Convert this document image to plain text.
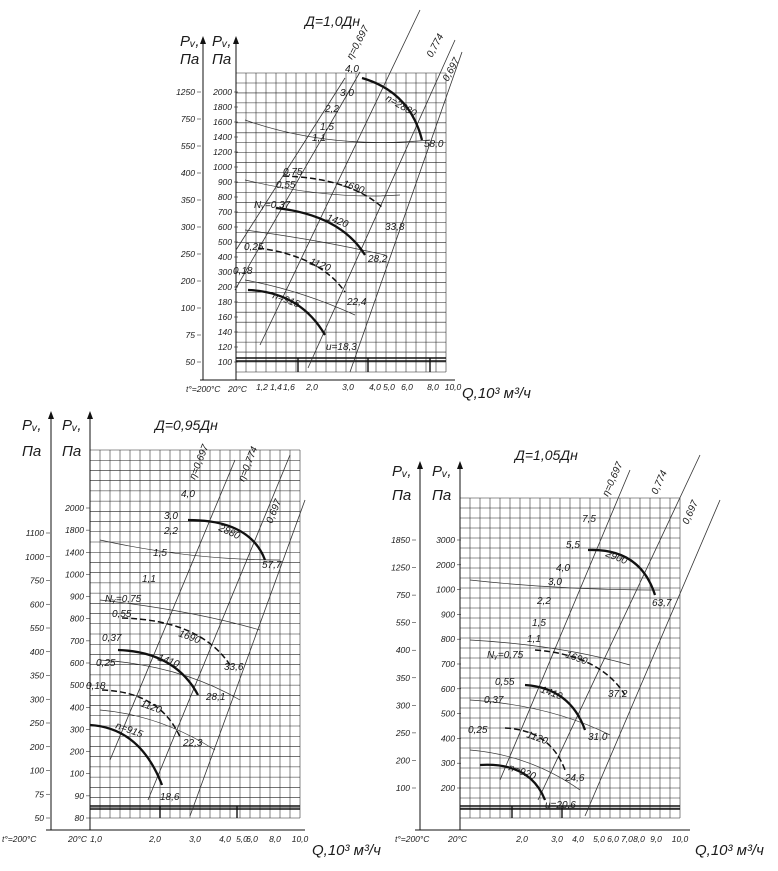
Д=1,0Дн
Pᵥ,
Па
Pᵥ,
Па
Q,10³ м³/ч
t°=200°C 20°C
1250
750
550
400
350
300
250
200
100
75
50
2000
1800
1600
1400
1200
1000
900
800
700
600
500
400
300
200
180
160
140
120
100
1,2 1,4 1,6 2,0	3,0 4,0 5,0 6,0 8,0 10,0
n=2880
1690
1420
1120
n=915
58,0
33,8
28,2
22,4
u=18,3
η=0,697	0,774
0,697
4,0
3,0
2,2
1,5
1,1
0,75
0,55
Nᵧ=0,37
0,25
0,18
Д=0,95Дн
Pᵥ,
Па
Pᵥ,
Па
Q,10³ м³/ч
t°=200°C	20°C
1100
1000
750
600
550
400
350
300
250
200
100
75
50
2000
1800
1400
1000
900
800
700
600
500
400
300
200
100
90
80
1,0	2,0	3,0 4,0 5,0
6,0 8,0 10,0
2880
1690
1410
1120
n=915
57,7
33,6
28,1
22,3
18,6
η=0,697	η=0,774
0,697
4,0
3,0
2,2
1,5
1,1
Nᵧ=0,75
0,55
0,37
0,25
0,18
Д=1,05Дн
Pᵥ,
Па
Pᵥ,
Па
Q,10³ м³/ч
t°=200°C 20°C
1850
1250
750
550
400
350
300
250
200
100
3000
2000
1000
900
800
700
600
500
400
300
200
2,0	3,0 4,0 5,0 6,0 7,0 8,0 9,0 10,0
2900
1690
1410
1120
n=920
63,7
37,2
31,0
24,6
u=20,6
η=0,697 0,774
0,697
7,5
5,5
4,0
3,0
2,2
1,5
1,1
Nᵧ=0,75
0,55
0,37
0,25
